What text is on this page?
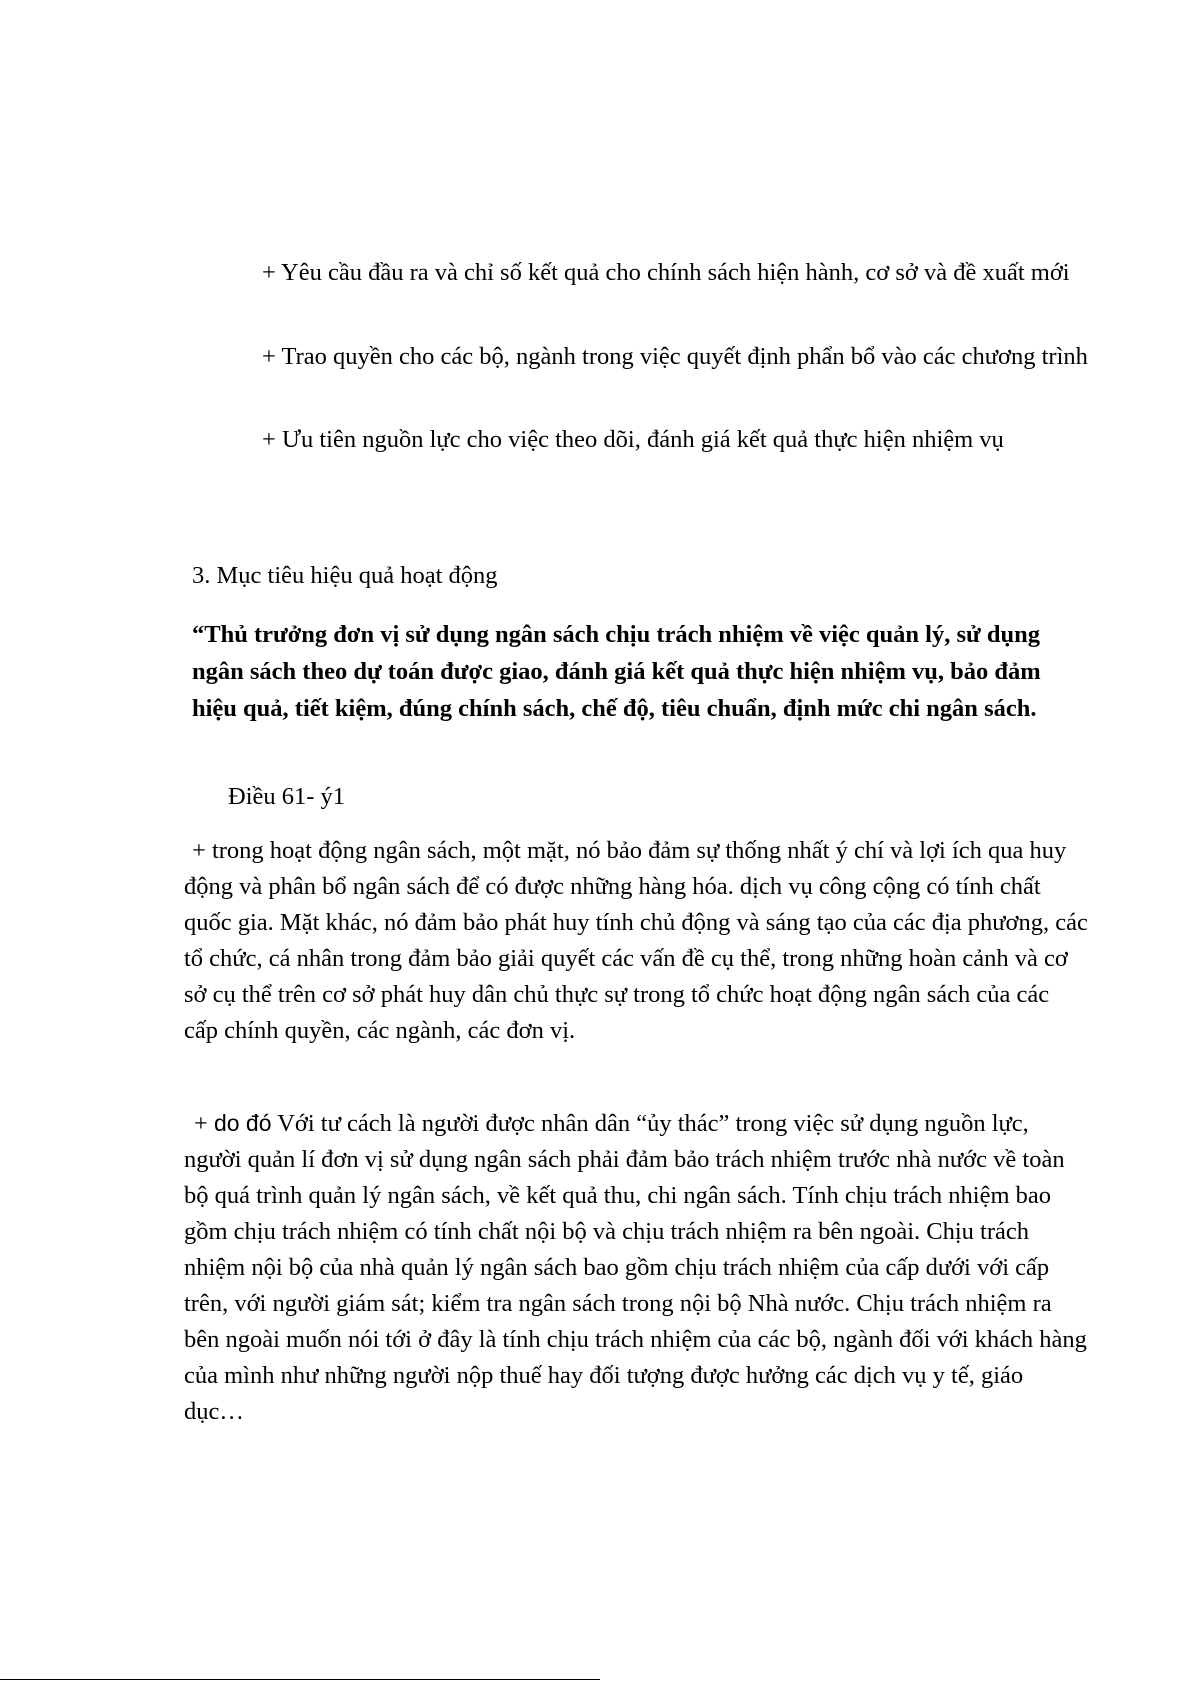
+ Yêu cầu đầu ra và chỉ số kết quả cho chính sách hiện hành, cơ sở và đề xuất mới

+ Trao quyền cho các bộ, ngành trong việc quyết định phẩn bổ vào các chương trình

+ Ưu tiên nguồn lực cho việc theo dõi, đánh giá kết quả thực hiện nhiệm vụ

3. Mục tiêu hiệu quả hoạt động

“Thủ trưởng đơn vị sử dụng ngân sách chịu trách nhiệm về việc quản lý, sử dụng ngân sách theo dự toán được giao, đánh giá kết quả thực hiện nhiệm vụ, bảo đảm hiệu quả, tiết kiệm, đúng chính sách, chế độ, tiêu chuẩn, định mức chi ngân sách.

Điều 61- ý1

+ trong hoạt động ngân sách, một mặt, nó bảo đảm sự thống nhất ý chí và lợi ích qua huy động và phân bổ ngân sách để có được những hàng hóa. dịch vụ công cộng có tính chất quốc gia. Mặt khác, nó đảm bảo phát huy tính chủ động và sáng tạo của các địa phương, các tổ chức, cá nhân trong đảm bảo giải quyết các vấn đề cụ thể, trong những hoàn cảnh và cơ sở cụ thể trên cơ sở phát huy dân chủ thực sự trong tổ chức hoạt động ngân sách của các cấp chính quyền, các ngành, các đơn vị.

+ do đó Với tư cách là người được nhân dân “ủy thác” trong việc sử dụng nguồn lực, người quản lí đơn vị sử dụng ngân sách phải đảm bảo trách nhiệm trước nhà nước về toàn bộ quá trình quản lý ngân sách, về kết quả thu, chi ngân sách. Tính chịu trách nhiệm bao gồm chịu trách nhiệm có tính chất nội bộ và chịu trách nhiệm ra bên ngoài. Chịu trách nhiệm nội bộ của nhà quản lý ngân sách bao gồm chịu trách nhiệm của cấp dưới với cấp trên, với người giám sát; kiểm tra ngân sách trong nội bộ Nhà nước. Chịu trách nhiệm ra bên ngoài muốn nói tới ở đây là tính chịu trách nhiệm của các bộ, ngành đối với khách hàng của mình như những người nộp thuế hay đối tượng được hưởng các dịch vụ y tế, giáo dục…
